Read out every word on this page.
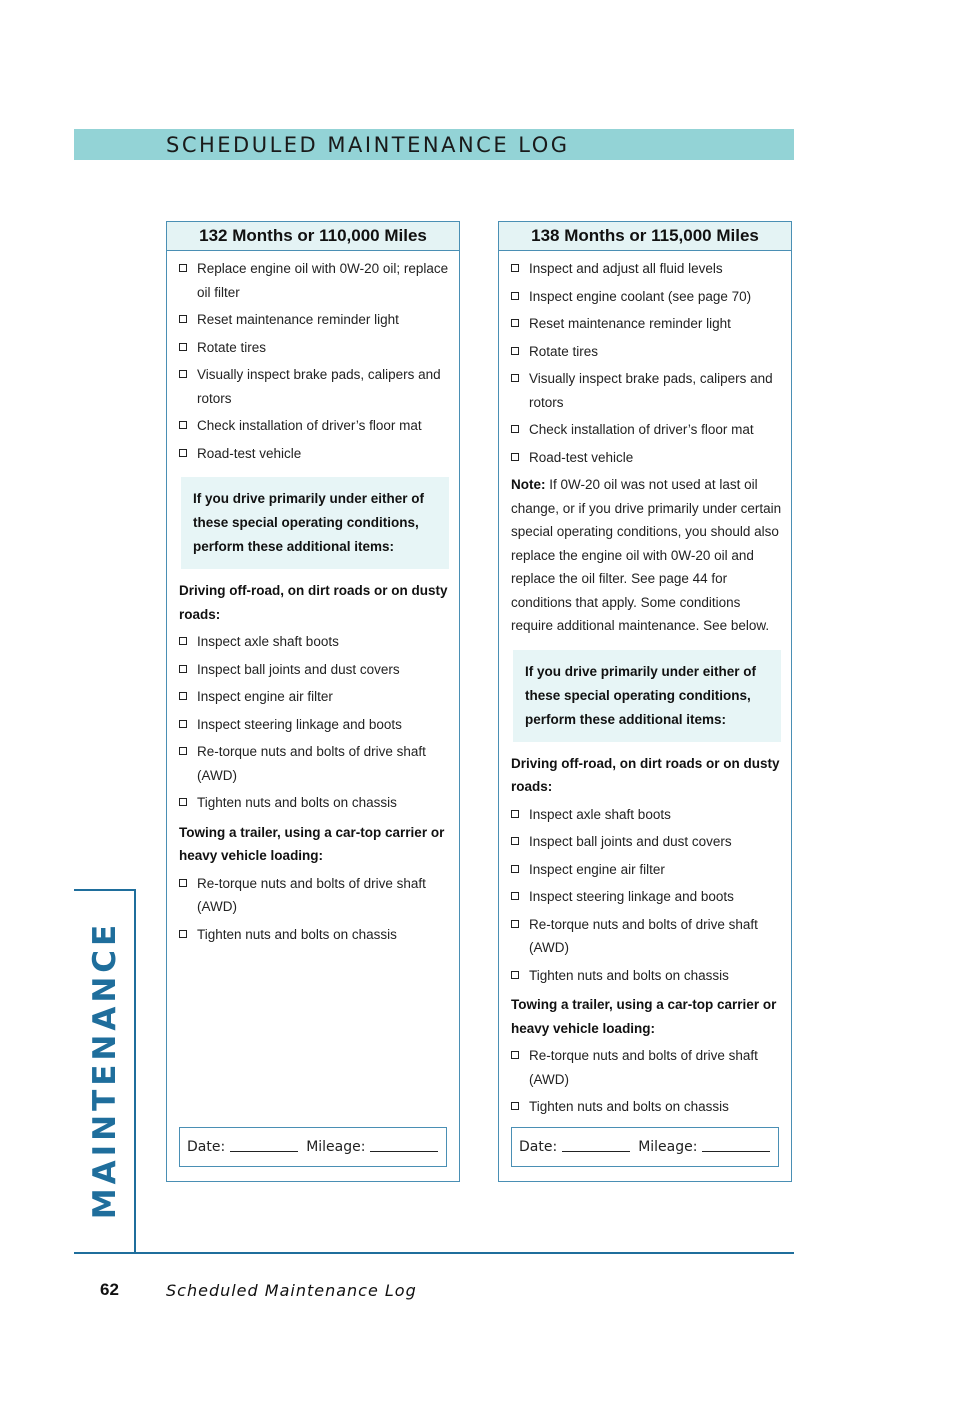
SCHEDULED MAINTENANCE LOG
132 Months or 110,000 Miles
Replace engine oil with 0W-20 oil; replace oil filter
Reset maintenance reminder light
Rotate tires
Visually inspect brake pads, calipers and rotors
Check installation of driver’s floor mat
Road-test vehicle
If you drive primarily under either of these special operating conditions, perform these additional items:
Driving off-road, on dirt roads or on dusty roads:
Inspect axle shaft boots
Inspect ball joints and dust covers
Inspect engine air filter
Inspect steering linkage and boots
Re-torque nuts and bolts of drive shaft (AWD)
Tighten nuts and bolts on chassis
Towing a trailer, using a car-top carrier or heavy vehicle loading:
Re-torque nuts and bolts of drive shaft (AWD)
Tighten nuts and bolts on chassis
Date:	Mileage:
138 Months or 115,000 Miles
Inspect and adjust all fluid levels
Inspect engine coolant (see page 70)
Reset maintenance reminder light
Rotate tires
Visually inspect brake pads, calipers and rotors
Check installation of driver’s floor mat
Road-test vehicle
Note: If 0W-20 oil was not used at last oil change, or if you drive primarily under certain special operating conditions, you should also replace the engine oil with 0W-20 oil and replace the oil filter. See page 44 for conditions that apply. Some conditions require additional maintenance. See below.
If you drive primarily under either of these special operating conditions, perform these additional items:
Driving off-road, on dirt roads or on dusty roads:
Inspect axle shaft boots
Inspect ball joints and dust covers
Inspect engine air filter
Inspect steering linkage and boots
Re-torque nuts and bolts of drive shaft (AWD)
Tighten nuts and bolts on chassis
Towing a trailer, using a car-top carrier or heavy vehicle loading:
Re-torque nuts and bolts of drive shaft (AWD)
Tighten nuts and bolts on chassis
Date:	Mileage:
MAINTENANCE
62	Scheduled Maintenance Log
